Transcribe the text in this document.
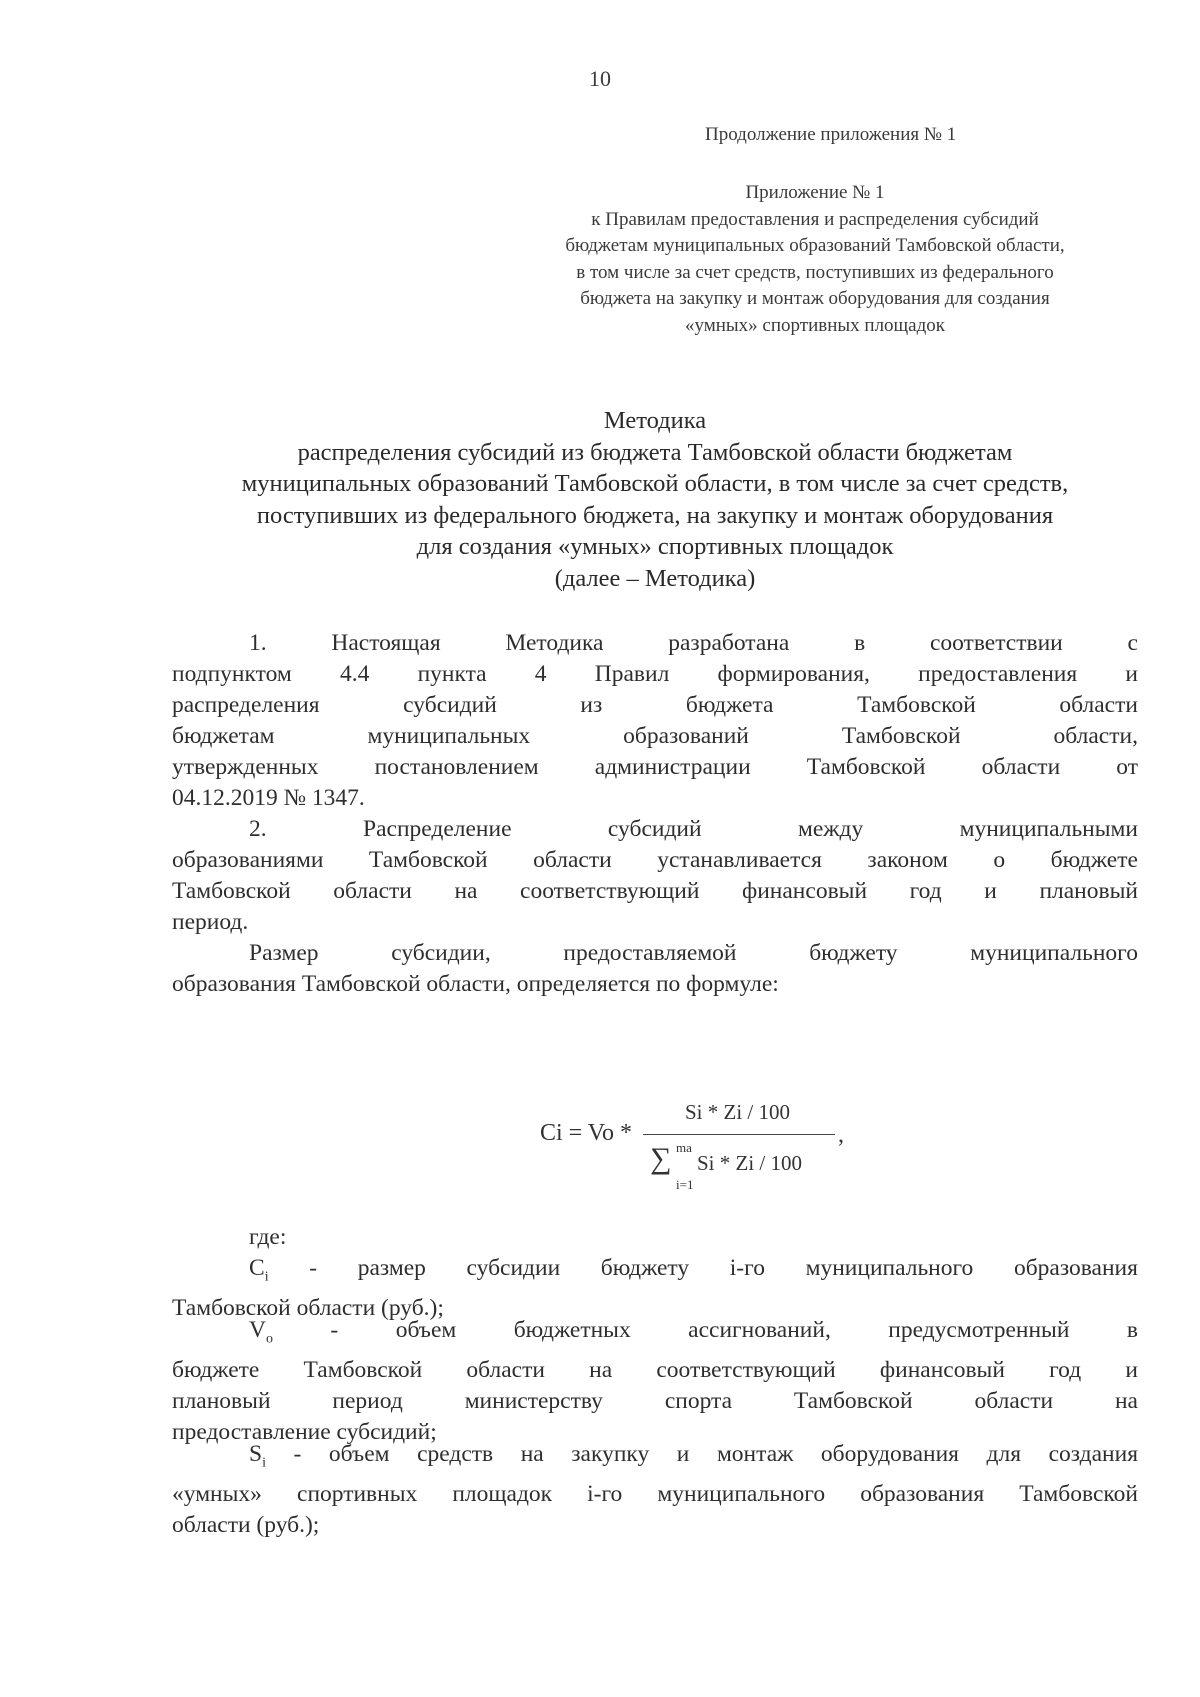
10
Продолжение приложения № 1
Приложение № 1
к Правилам предоставления и распределения субсидий
бюджетам муниципальных образований Тамбовской области,
в том числе за счет средств, поступивших из федерального
бюджета на закупку и монтаж оборудования для создания
«умных» спортивных площадок
Методика
распределения субсидий из бюджета Тамбовской области бюджетам
муниципальных образований Тамбовской области, в том числе за счет средств,
поступивших из федерального бюджета, на закупку и монтаж оборудования
для создания «умных» спортивных площадок
(далее – Методика)
1.	Настоящая	Методика	разработана	в	соответствии	с
подпунктом 4.4 пункта 4 Правил формирования, предоставления и
распределения	субсидий	из	бюджета	Тамбовской	области
бюджетам	муниципальных	образований	Тамбовской	области,
утвержденных постановлением администрации Тамбовской области от
04.12.2019 № 1347.
2.	Распределение	субсидий	между	муниципальными
образованиями Тамбовской области устанавливается законом о бюджете
Тамбовской области на соответствующий финансовый год и плановый
период.
Размер	субсидии,	предоставляемой	бюджету	муниципального
образования Тамбовской области, определяется по формуле:
Ci = Vo *
Si * Zi / 100
∑ ma
i=1
Si * Zi / 100
,
где:
$C_i$ - размер субсидии бюджету i-го муниципального образования
Тамбовской области (руб.);
$V_o$ - объем бюджетных ассигнований, предусмотренный в
бюджете Тамбовской области на соответствующий финансовый год и
плановый	период	министерству	спорта	Тамбовской	области	на
предоставление субсидий;
$S_i$ - объем средств на закупку и монтаж оборудования для создания
«умных» спортивных площадок i-го муниципального образования Тамбовской
области (руб.);
